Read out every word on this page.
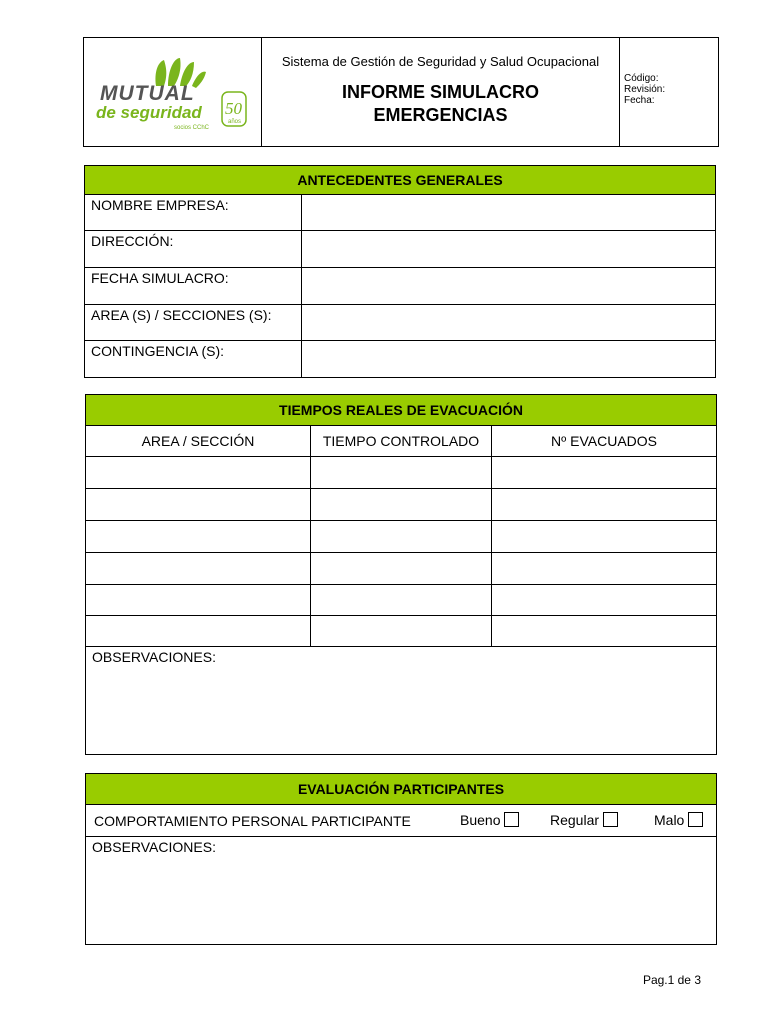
MUTUAL
de seguridad
socios CChC
50
años
Sistema de Gestión de Seguridad y Salud Ocupacional
INFORME SIMULACRO
EMERGENCIAS
Código:
Revisión:
Fecha:
ANTECEDENTES GENERALES	
NOMBRE EMPRESA:	
DIRECCIÓN:	
FECHA SIMULACRO:	
AREA (S) / SECCIONES (S):	
CONTINGENCIA (S):	
TIEMPOS REALES DE EVACUACIÓN		
AREA / SECCIÓN	TIEMPO CONTROLADO	Nº EVACUADOS

OBSERVACIONES:		
EVALUACIÓN PARTICIPANTES
COMPORTAMIENTO PERSONAL PARTICIPANTE	Bueno	Regular	Malo

OBSERVACIONES:
Pag.1 de 3
